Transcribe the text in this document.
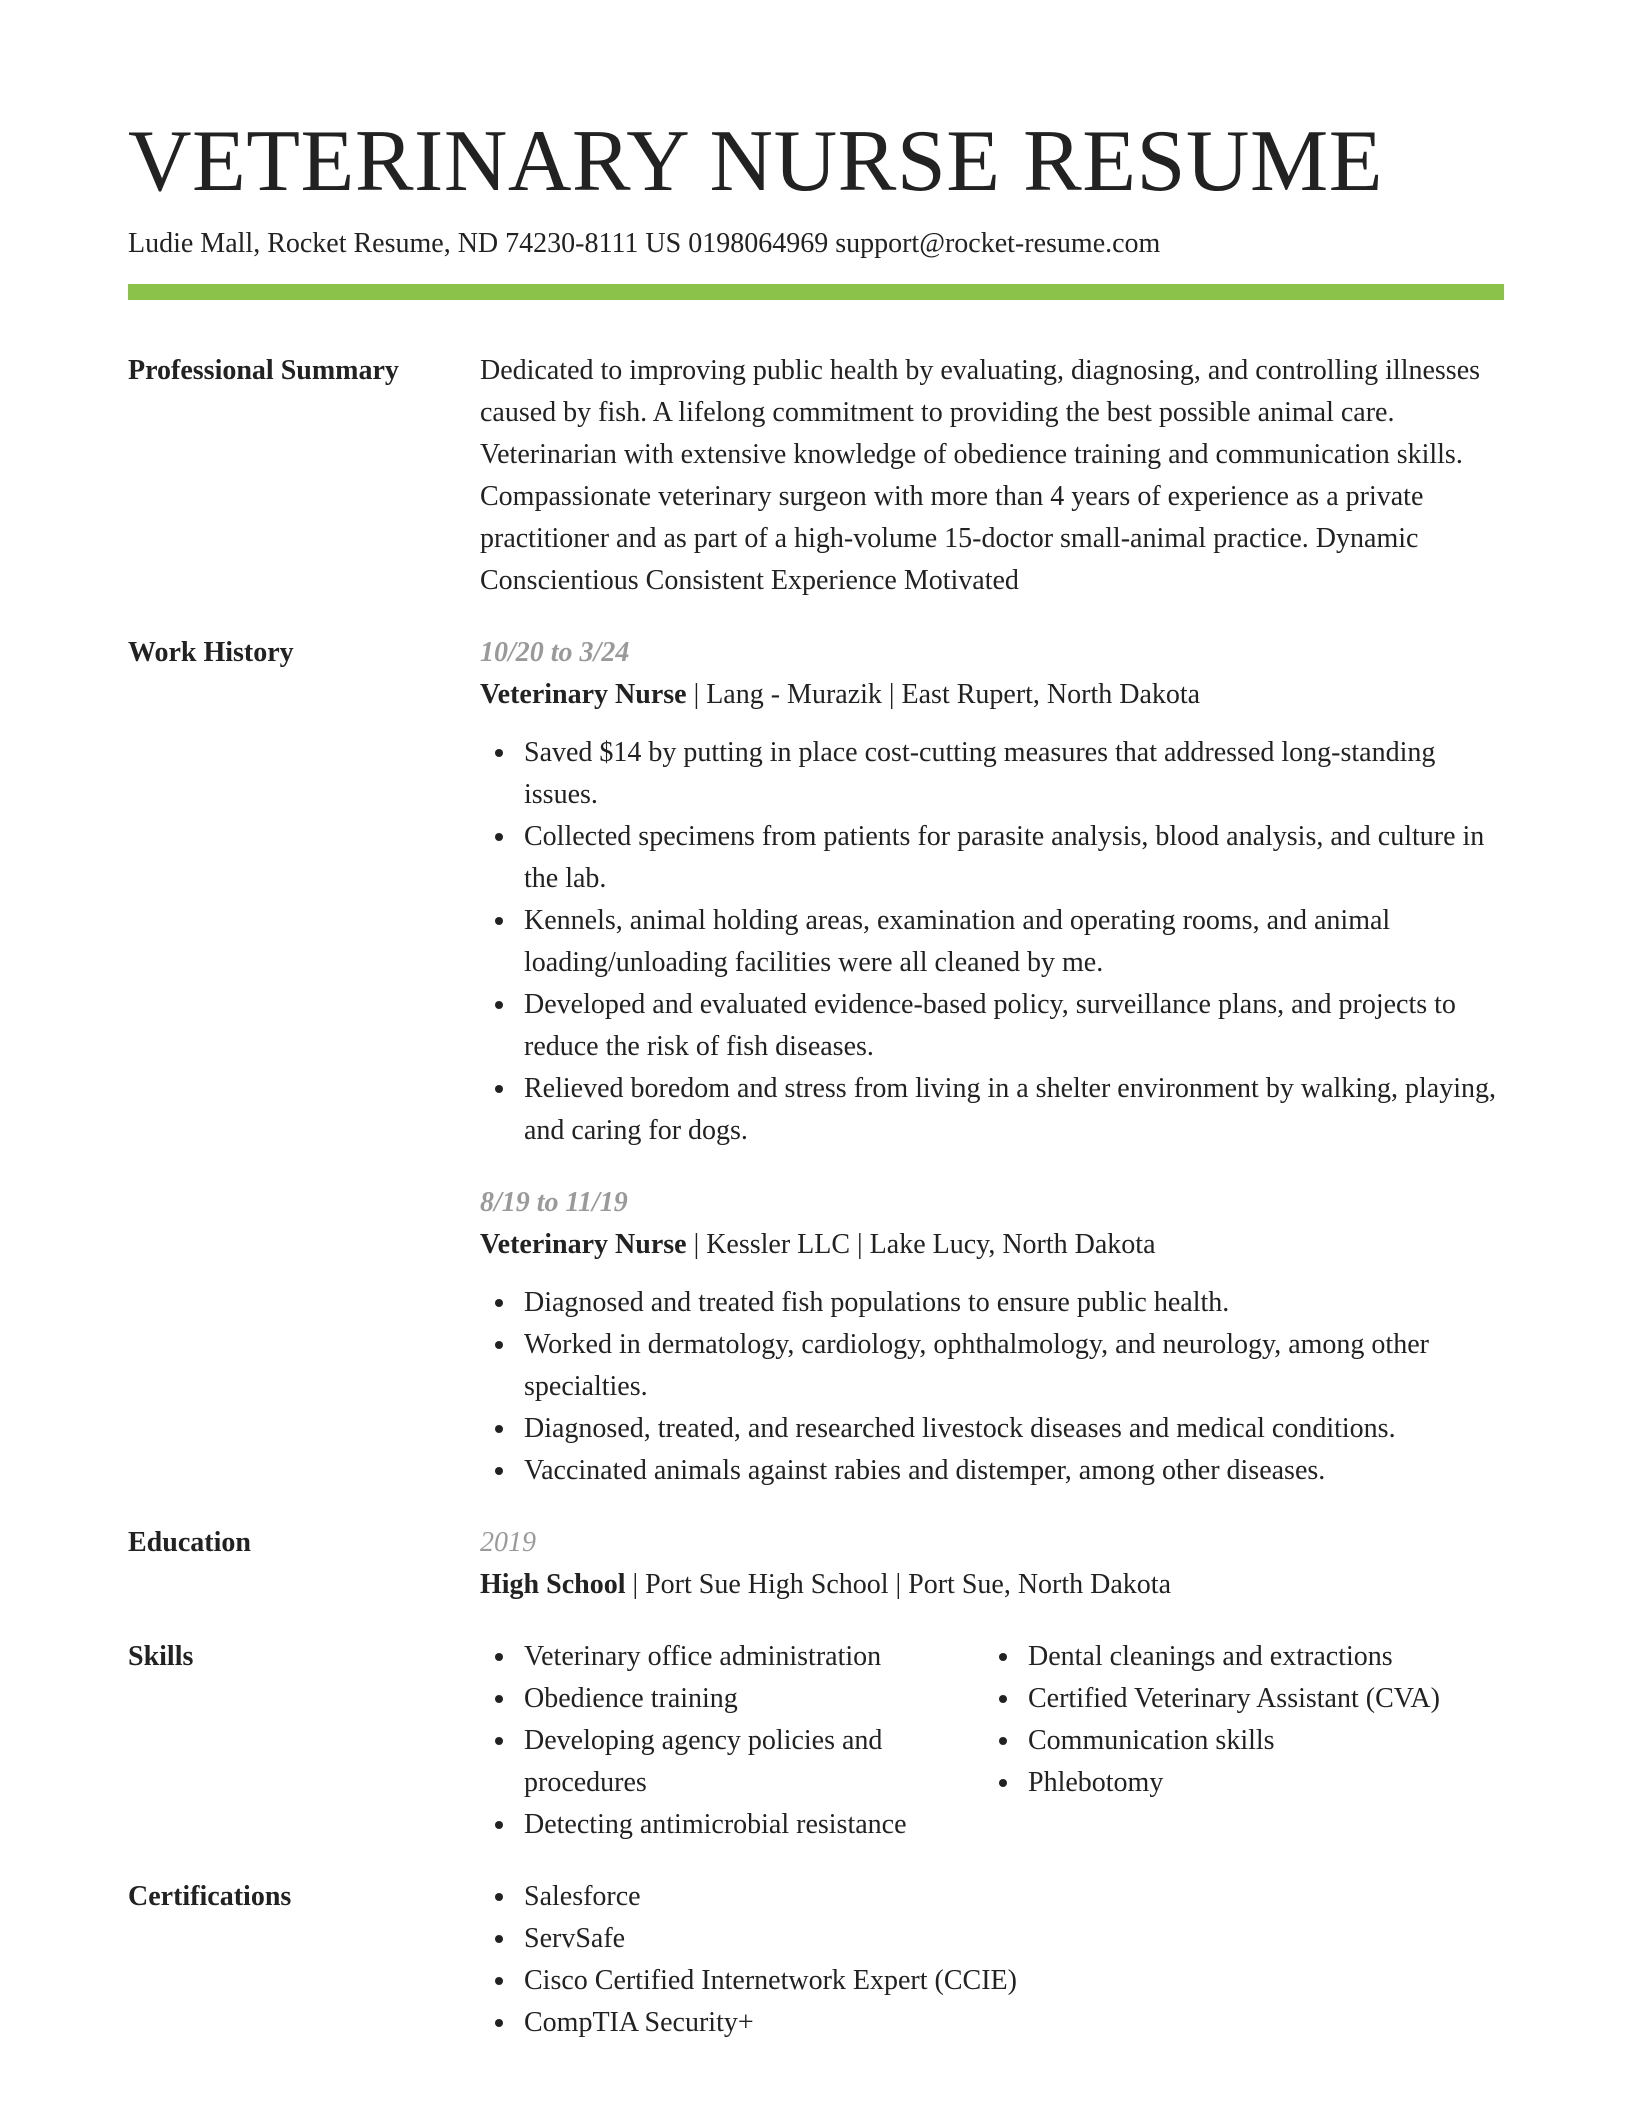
VETERINARY NURSE RESUME
Ludie Mall, Rocket Resume, ND 74230-8111 US 0198064969 support@rocket-resume.com
Professional Summary	Dedicated to improving public health by evaluating, diagnosing, and controlling illnesses caused by fish. A lifelong commitment to providing the best possible animal care. Veterinarian with extensive knowledge of obedience training and communication skills. Compassionate veterinary surgeon with more than 4 years of experience as a private practitioner and as part of a high-volume 15-doctor small-animal practice. Dynamic Conscientious Consistent Experience Motivated

Work History	10/20 to 3/24
Veterinary Nurse | Lang - Murazik | East Rupert, North Dakota
Saved $14 by putting in place cost-cutting measures that addressed long-standing issues.
Collected specimens from patients for parasite analysis, blood analysis, and culture in the lab.
Kennels, animal holding areas, examination and operating rooms, and animal loading/unloading facilities were all cleaned by me.
Developed and evaluated evidence-based policy, surveillance plans, and projects to reduce the risk of fish diseases.
Relieved boredom and stress from living in a shelter environment by walking, playing, and caring for dogs.
8/19 to 11/19
Veterinary Nurse | Kessler LLC | Lake Lucy, North Dakota
Diagnosed and treated fish populations to ensure public health.
Worked in dermatology, cardiology, ophthalmology, and neurology, among other specialties.
Diagnosed, treated, and researched livestock diseases and medical conditions.
Vaccinated animals against rabies and distemper, among other diseases.
Education	2019
High School | Port Sue High School | Port Sue, North Dakota
Skills	Veterinary office administration
Obedience training
Developing agency policies and procedures
Detecting antimicrobial resistance
Dental cleanings and extractions
Certified Veterinary Assistant (CVA)
Communication skills
Phlebotomy
Certifications	Salesforce
ServSafe
Cisco Certified Internetwork Expert (CCIE)
CompTIA Security+
